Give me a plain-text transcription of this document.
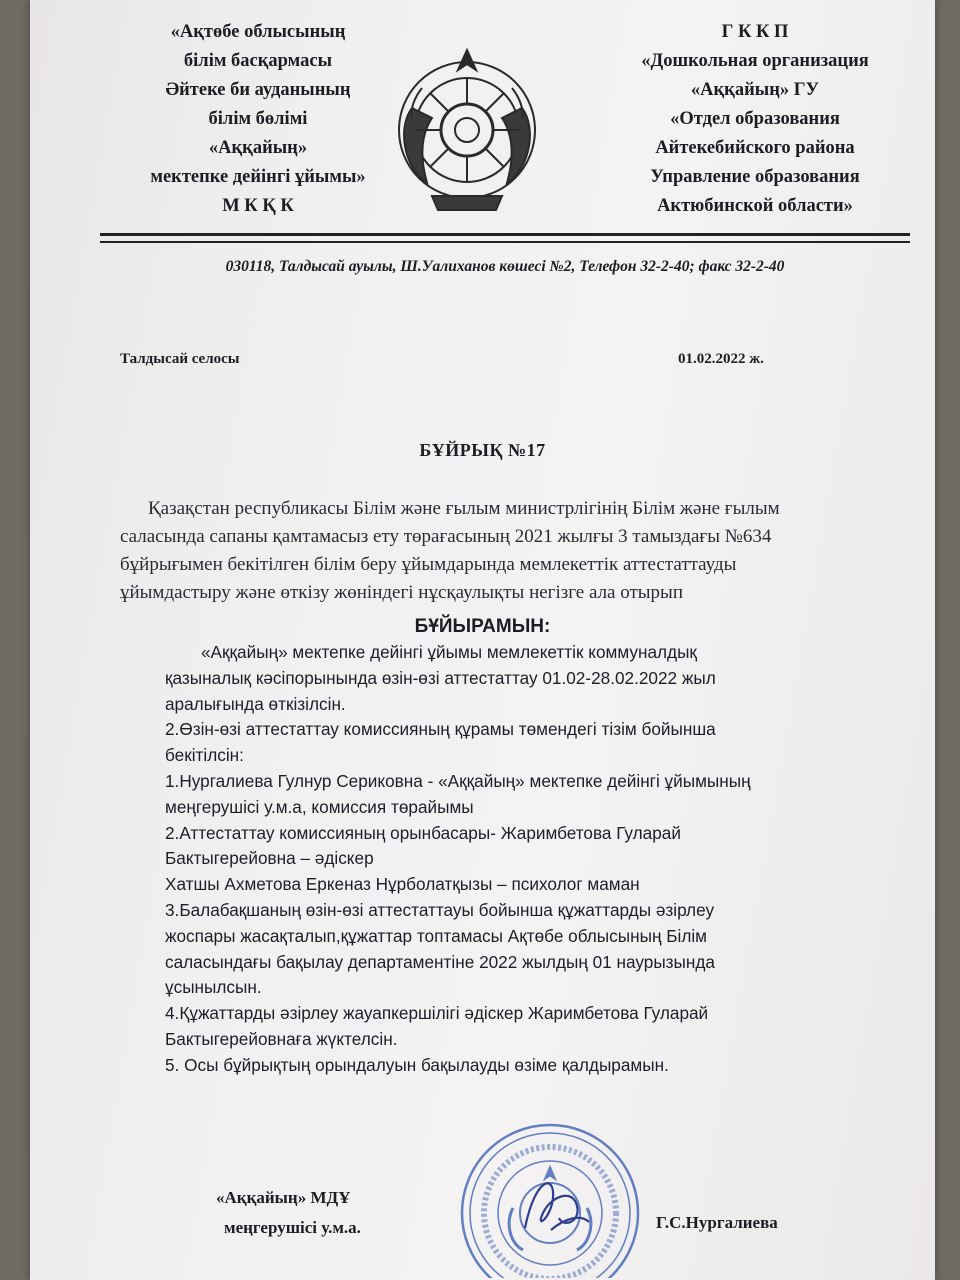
«Ақтөбе облысының
білім басқармасы
Әйтеке би ауданының
білім бөлімі
«Аққайың»
мектепке дейінгі ұйымы»
М К Қ К
Г К К П
«Дошкольная организация
«Аққайың» ГУ
«Отдел образования
Айтекебийского района
Управление образования
Актюбинской области»
030118, Талдысай ауылы, Ш.Уалиханов көшесі №2, Телефон 32-2-40; факс 32-2-40
Талдысай селосы	01.02.2022 ж.
БҰЙРЫҚ №17
Қазақстан республикасы Білім және ғылым министрлігінің Білім және ғылым
саласында сапаны қамтамасыз ету төрағасының 2021 жылғы 3 тамыздағы №634
бұйрығымен бекітілген білім беру ұйымдарында мемлекеттік аттестаттауды
ұйымдастыру және өткізу жөніндегі нұсқаулықты негізге ала отырып
БҰЙЫРАМЫН:
«Аққайың» мектепке дейінгі ұйымы мемлекеттік коммуналдық
қазыналық кәсіпорынында өзін-өзі аттестаттау 01.02-28.02.2022 жыл
аралығында өткізілсін.
2.Өзін-өзі аттестаттау комиссияның құрамы төмендегі тізім бойынша
бекітілсін:
1.Нургалиева Гулнур Сериковна - «Аққайың» мектепке дейінгі ұйымының
меңгерушісі у.м.а, комиссия төрайымы
2.Аттестаттау комиссияның орынбасары- Жаримбетова Гуларай
Бактыгерейовна – әдіскер
Хатшы Ахметова Еркеназ Нұрболатқызы – психолог маман
3.Балабақшаның өзін-өзі аттестаттауы бойынша құжаттарды әзірлеу
жоспары жасақталып,құжаттар топтамасы Ақтөбе облысының Білім
саласындағы бақылау департаментіне 2022 жылдың 01 наурызында
ұсынылсын.
4.Құжаттарды әзірлеу жауапкершілігі әдіскер Жаримбетова Гуларай
Бактыгерейовнаға жүктелсін.
5. Осы бұйрықтың орындалуын бақылауды өзіме қалдырамын.
«Аққайың» МДҰ
меңгерушісі у.м.а.	Г.С.Нургалиева
